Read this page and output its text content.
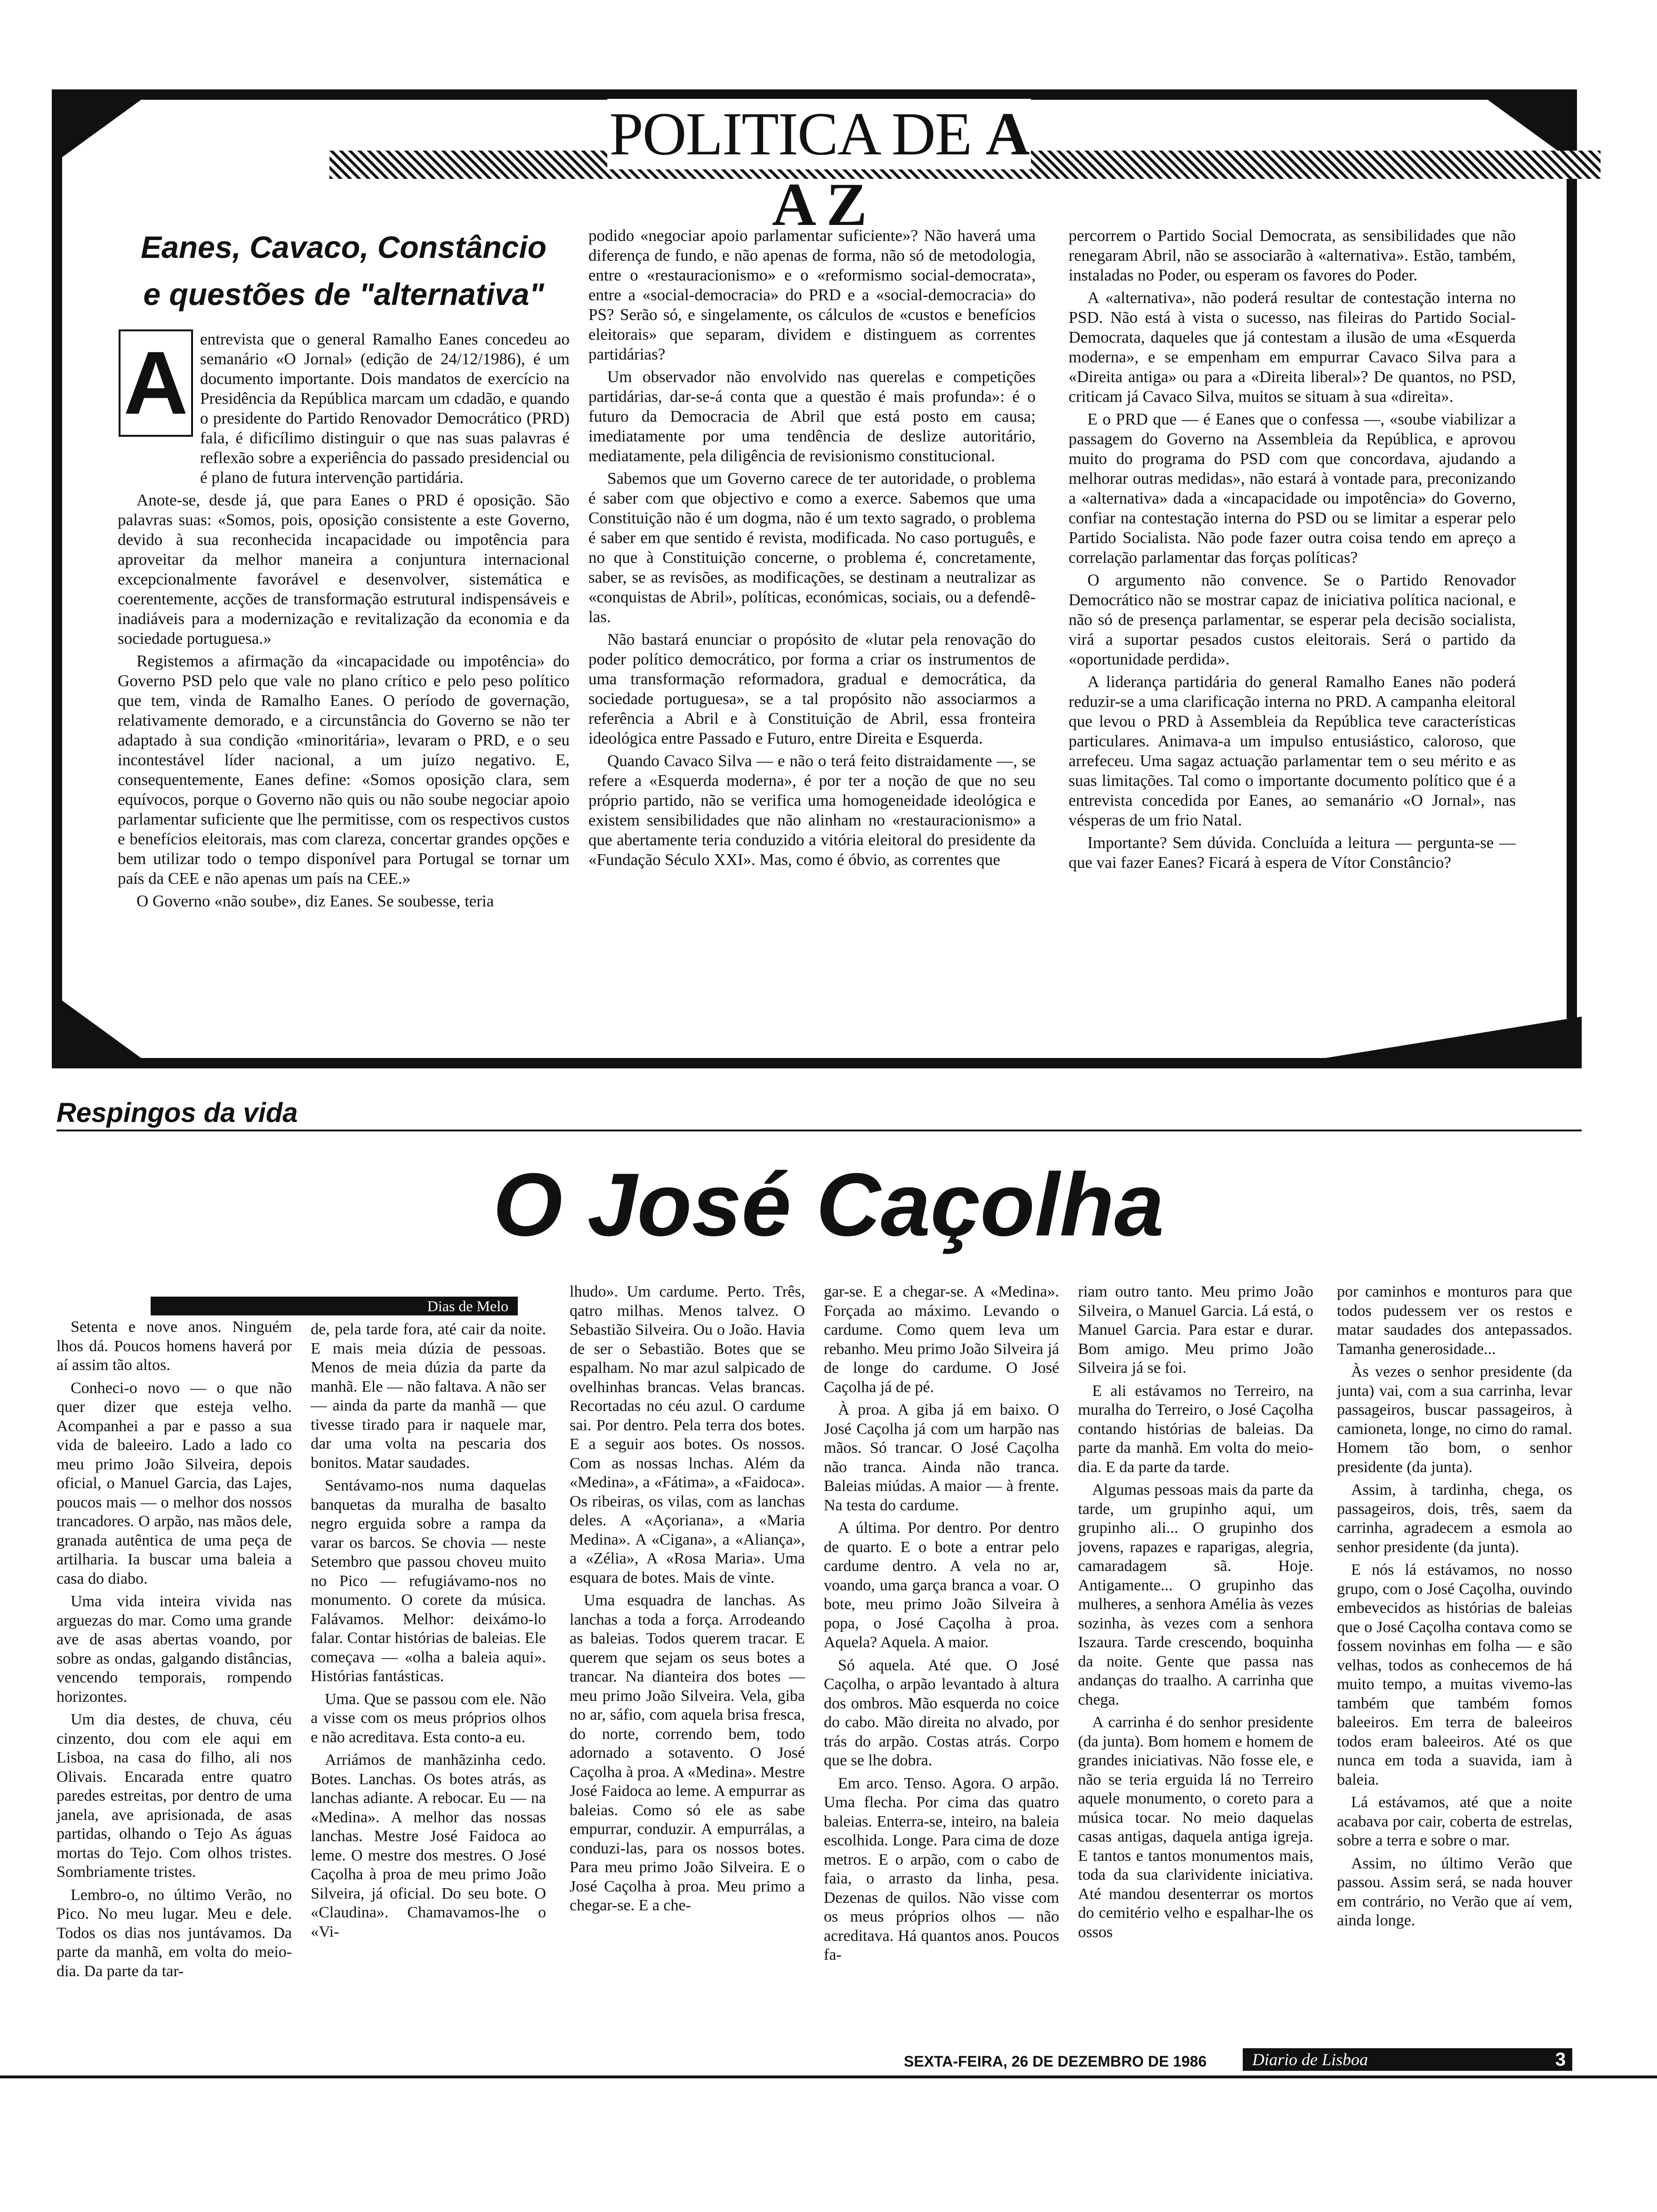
POLITICA DE A A Z
Eanes, Cavaco, Constâncio
e questões de "alternativa"

entrevista que o general Ramalho Eanes concedeu ao semanário «O Jornal» (edição de 24/12/1986), é um documento importante. Dois mandatos de exercício na Presidência da República marcam um cdadão, e quando o presidente do Partido Renovador Democrático (PRD) fala, é dificílimo distinguir o que nas suas palavras é reflexão sobre a experiência do passado presidencial ou é plano de futura intervenção partidária.

Anote-se, desde já, que para Eanes o PRD é oposição. São palavras suas: «Somos, pois, oposição consistente a este Governo, devido à sua reconhecida incapacidade ou impotência para aproveitar da melhor maneira a conjuntura internacional excepcionalmente favorável e desenvolver, sistemática e coerentemente, acções de transformação estrutural indispensáveis e inadiáveis para a modernização e revitalização da economia e da sociedade portuguesa.»

Registemos a afirmação da «incapacidade ou impotência» do Governo PSD pelo que vale no plano crítico e pelo peso político que tem, vinda de Ramalho Eanes. O período de governação, relativamente demorado, e a circunstância do Governo se não ter adaptado à sua condição «minoritária», levaram o PRD, e o seu incontestável líder nacional, a um juízo negativo. E, consequentemente, Eanes define: «Somos oposição clara, sem equívocos, porque o Governo não quis ou não soube negociar apoio parlamentar suficiente que lhe permitisse, com os respectivos custos e benefícios eleitorais, mas com clareza, concertar grandes opções e bem utilizar todo o tempo disponível para Portugal se tornar um país da CEE e não apenas um país na CEE.»

O Governo «não soube», diz Eanes. Se soubesse, teria

A

podido «negociar apoio parlamentar suficiente»? Não haverá uma diferença de fundo, e não apenas de forma, não só de metodologia, entre o «restauracionismo» e o «reformismo social-democrata», entre a «social-democracia» do PRD e a «social-democracia» do PS? Serão só, e singelamente, os cálculos de «custos e benefícios eleitorais» que separam, dividem e distinguem as correntes partidárias?

Um observador não envolvido nas querelas e competições partidárias, dar-se-á conta que a questão é mais profunda»: é o futuro da Democracia de Abril que está posto em causa; imediatamente por uma tendência de deslize autoritário, mediatamente, pela diligência de revisionismo constitucional.

Sabemos que um Governo carece de ter autoridade, o problema é saber com que objectivo e como a exerce. Sabemos que uma Constituição não é um dogma, não é um texto sagrado, o problema é saber em que sentido é revista, modificada. No caso português, e no que à Constituição concerne, o problema é, concretamente, saber, se as revisões, as modificações, se destinam a neutralizar as «conquistas de Abril», políticas, económicas, sociais, ou a defendê-las.

Não bastará enunciar o propósito de «lutar pela renovação do poder político democrático, por forma a criar os instrumentos de uma transformação reformadora, gradual e democrática, da sociedade portuguesa», se a tal propósito não associarmos a referência a Abril e à Constituição de Abril, essa fronteira ideológica entre Passado e Futuro, entre Direita e Esquerda.

Quando Cavaco Silva — e não o terá feito distraidamente —, se refere a «Esquerda moderna», é por ter a noção de que no seu próprio partido, não se verifica uma homogeneidade ideológica e existem sensibilidades que não alinham no «restauracionismo» a que abertamente teria conduzido a vitória eleitoral do presidente da «Fundação Século XXI». Mas, como é óbvio, as correntes que

percorrem o Partido Social Democrata, as sensibilidades que não renegaram Abril, não se associarão à «alternativa». Estão, também, instaladas no Poder, ou esperam os favores do Poder.

A «alternativa», não poderá resultar de contestação interna no PSD. Não está à vista o sucesso, nas fileiras do Partido Social-Democrata, daqueles que já contestam a ilusão de uma «Esquerda moderna», e se empenham em empurrar Cavaco Silva para a «Direita antiga» ou para a «Direita liberal»? De quantos, no PSD, criticam já Cavaco Silva, muitos se situam à sua «direita».

E o PRD que — é Eanes que o confessa —, «soube viabilizar a passagem do Governo na Assembleia da República, e aprovou muito do programa do PSD com que concordava, ajudando a melhorar outras medidas», não estará à vontade para, preconizando a «alternativa» dada a «incapacidade ou impotência» do Governo, confiar na contestação interna do PSD ou se limitar a esperar pelo Partido Socialista. Não pode fazer outra coisa tendo em apreço a correlação parlamentar das forças políticas?

O argumento não convence. Se o Partido Renovador Democrático não se mostrar capaz de iniciativa política nacional, e não só de presença parlamentar, se esperar pela decisão socialista, virá a suportar pesados custos eleitorais. Será o partido da «oportunidade perdida».

A liderança partidária do general Ramalho Eanes não poderá reduzir-se a uma clarificação interna no PRD. A campanha eleitoral que levou o PRD à Assembleia da República teve características particulares. Animava-a um impulso entusiástico, caloroso, que arrefeceu. Uma sagaz actuação parlamentar tem o seu mérito e as suas limitações. Tal como o importante documento político que é a entrevista concedida por Eanes, ao semanário «O Jornal», nas vésperas de um frio Natal.

Importante? Sem dúvida. Concluída a leitura — pergunta-se — que vai fazer Eanes? Ficará à espera de Vítor Constâncio?

Respingos da vida
O José Caçolha
Dias de Melo

Setenta e nove anos. Ninguém lhos dá. Poucos homens haverá por aí assim tão altos.

Conheci-o novo — o que não quer dizer que esteja velho. Acompanhei a par e passo a sua vida de baleeiro. Lado a lado co meu primo João Silveira, depois oficial, o Manuel Garcia, das Lajes, poucos mais — o melhor dos nossos trancadores. O arpão, nas mãos dele, granada autêntica de uma peça de artilharia. Ia buscar uma baleia a casa do diabo.

Uma vida inteira vivida nas arguezas do mar. Como uma grande ave de asas abertas voando, por sobre as ondas, galgando distâncias, vencendo temporais, rompendo horizontes.

Um dia destes, de chuva, céu cinzento, dou com ele aqui em Lisboa, na casa do filho, ali nos Olivais. Encarada entre quatro paredes estreitas, por dentro de uma janela, ave aprisionada, de asas partidas, olhando o Tejo As águas mortas do Tejo. Com olhos tristes. Sombriamente tristes.

Lembro-o, no último Verão, no Pico. No meu lugar. Meu e dele. Todos os dias nos juntávamos. Da parte da manhã, em volta do meio-dia. Da parte da tar-

de, pela tarde fora, até cair da noite. E mais meia dúzia de pessoas. Menos de meia dúzia da parte da manhã. Ele — não faltava. A não ser — ainda da parte da manhã — que tivesse tirado para ir naquele mar, dar uma volta na pescaria dos bonitos. Matar saudades.

Sentávamo-nos numa daquelas banquetas da muralha de basalto negro erguida sobre a rampa da varar os barcos. Se chovia — neste Setembro que passou choveu muito no Pico — refugiávamo-nos no monumento. O corete da música. Falávamos. Melhor: deixámo-lo falar. Contar histórias de baleias. Ele começava — «olha a baleia aqui». Histórias fantásticas.

Uma. Que se passou com ele. Não a visse com os meus próprios olhos e não acreditava. Esta conto-a eu.

Arriámos de manhãzinha cedo. Botes. Lanchas. Os botes atrás, as lanchas adiante. A rebocar. Eu — na «Medina». A melhor das nossas lanchas. Mestre José Faidoca ao leme. O mestre dos mestres. O José Caçolha à proa de meu primo João Silveira, já oficial. Do seu bote. O «Claudina». Chamavamos-lhe o «Vi-

lhudo». Um cardume. Perto. Três, qatro milhas. Menos talvez. O Sebastião Silveira. Ou o João. Havia de ser o Sebastião. Botes que se espalham. No mar azul salpicado de ovelhinhas brancas. Velas brancas. Recortadas no céu azul. O cardume sai. Por dentro. Pela terra dos botes. E a seguir aos botes. Os nossos. Com as nossas lnchas. Além da «Medina», a «Fátima», a «Faidoca». Os ribeiras, os vilas, com as lanchas deles. A «Açoriana», a «Maria Medina». A «Cigana», a «Aliança», a «Zélia», A «Rosa Maria». Uma esquara de botes. Mais de vinte.

Uma esquadra de lanchas. As lanchas a toda a força. Arrodeando as baleias. Todos querem tracar. E querem que sejam os seus botes a trancar. Na dianteira dos botes — meu primo João Silveira. Vela, giba no ar, sáfio, com aquela brisa fresca, do norte, correndo bem, todo adornado a sotavento. O José Caçolha à proa. A «Medina». Mestre José Faidoca ao leme. A empurrar as baleias. Como só ele as sabe empurrar, conduzir. A empurrálas, a conduzi-las, para os nossos botes. Para meu primo João Silveira. E o José Caçolha à proa. Meu primo a chegar-se. E a che-

gar-se. E a chegar-se. A «Medina». Forçada ao máximo. Levando o cardume. Como quem leva um rebanho. Meu primo João Silveira já de longe do cardume. O José Caçolha já de pé.

À proa. A giba já em baixo. O José Caçolha já com um harpão nas mãos. Só trancar. O José Caçolha não tranca. Ainda não tranca. Baleias miúdas. A maior — à frente. Na testa do cardume.

A última. Por dentro. Por dentro de quarto. E o bote a entrar pelo cardume dentro. A vela no ar, voando, uma garça branca a voar. O bote, meu primo João Silveira à popa, o José Caçolha à proa. Aquela? Aquela. A maior.

Só aquela. Até que. O José Caçolha, o arpão levantado à altura dos ombros. Mão esquerda no coice do cabo. Mão direita no alvado, por trás do arpão. Costas atrás. Corpo que se lhe dobra.

Em arco. Tenso. Agora. O arpão. Uma flecha. Por cima das quatro baleias. Enterra-se, inteiro, na baleia escolhida. Longe. Para cima de doze metros. E o arpão, com o cabo de faia, o arrasto da linha, pesa. Dezenas de quilos. Não visse com os meus próprios olhos — não acreditava. Há quantos anos. Poucos fa-

riam outro tanto. Meu primo João Silveira, o Manuel Garcia. Lá está, o Manuel Garcia. Para estar e durar. Bom amigo. Meu primo João Silveira já se foi.

E ali estávamos no Terreiro, na muralha do Terreiro, o José Caçolha contando histórias de baleias. Da parte da manhã. Em volta do meio-dia. E da parte da tarde.

Algumas pessoas mais da parte da tarde, um grupinho aqui, um grupinho ali... O grupinho dos jovens, rapazes e raparigas, alegria, camaradagem sã. Hoje. Antigamente... O grupinho das mulheres, a senhora Amélia às vezes sozinha, às vezes com a senhora Iszaura. Tarde crescendo, boquinha da noite. Gente que passa nas andanças do traalho. A carrinha que chega.

A carrinha é do senhor presidente (da junta). Bom homem e homem de grandes iniciativas. Não fosse ele, e não se teria erguida lá no Terreiro aquele monumento, o coreto para a música tocar. No meio daquelas casas antigas, daquela antiga igreja. E tantos e tantos monumentos mais, toda da sua clarividente iniciativa. Até mandou desenterrar os mortos do cemitério velho e espalhar-lhe os ossos

por caminhos e monturos para que todos pudessem ver os restos e matar saudades dos antepassados. Tamanha generosidade...

Às vezes o senhor presidente (da junta) vai, com a sua carrinha, levar passageiros, buscar passageiros, à camioneta, longe, no cimo do ramal. Homem tão bom, o senhor presidente (da junta).

Assim, à tardinha, chega, os passageiros, dois, três, saem da carrinha, agradecem a esmola ao senhor presidente (da junta).

E nós lá estávamos, no nosso grupo, com o José Caçolha, ouvindo embevecidos as histórias de baleias que o José Caçolha contava como se fossem novinhas em folha — e são velhas, todos as conhecemos de há muito tempo, a muitas vivemo-las também que também fomos baleeiros. Em terra de baleeiros todos eram baleeiros. Até os que nunca em toda a suavida, iam à baleia.

Lá estávamos, até que a noite acabava por cair, coberta de estrelas, sobre a terra e sobre o mar.

Assim, no último Verão que passou. Assim será, se nada houver em contrário, no Verão que aí vem, ainda longe.

SEXTA-FEIRA, 26 DE DEZEMBRO DE 1986	Diario de Lisboa	3
